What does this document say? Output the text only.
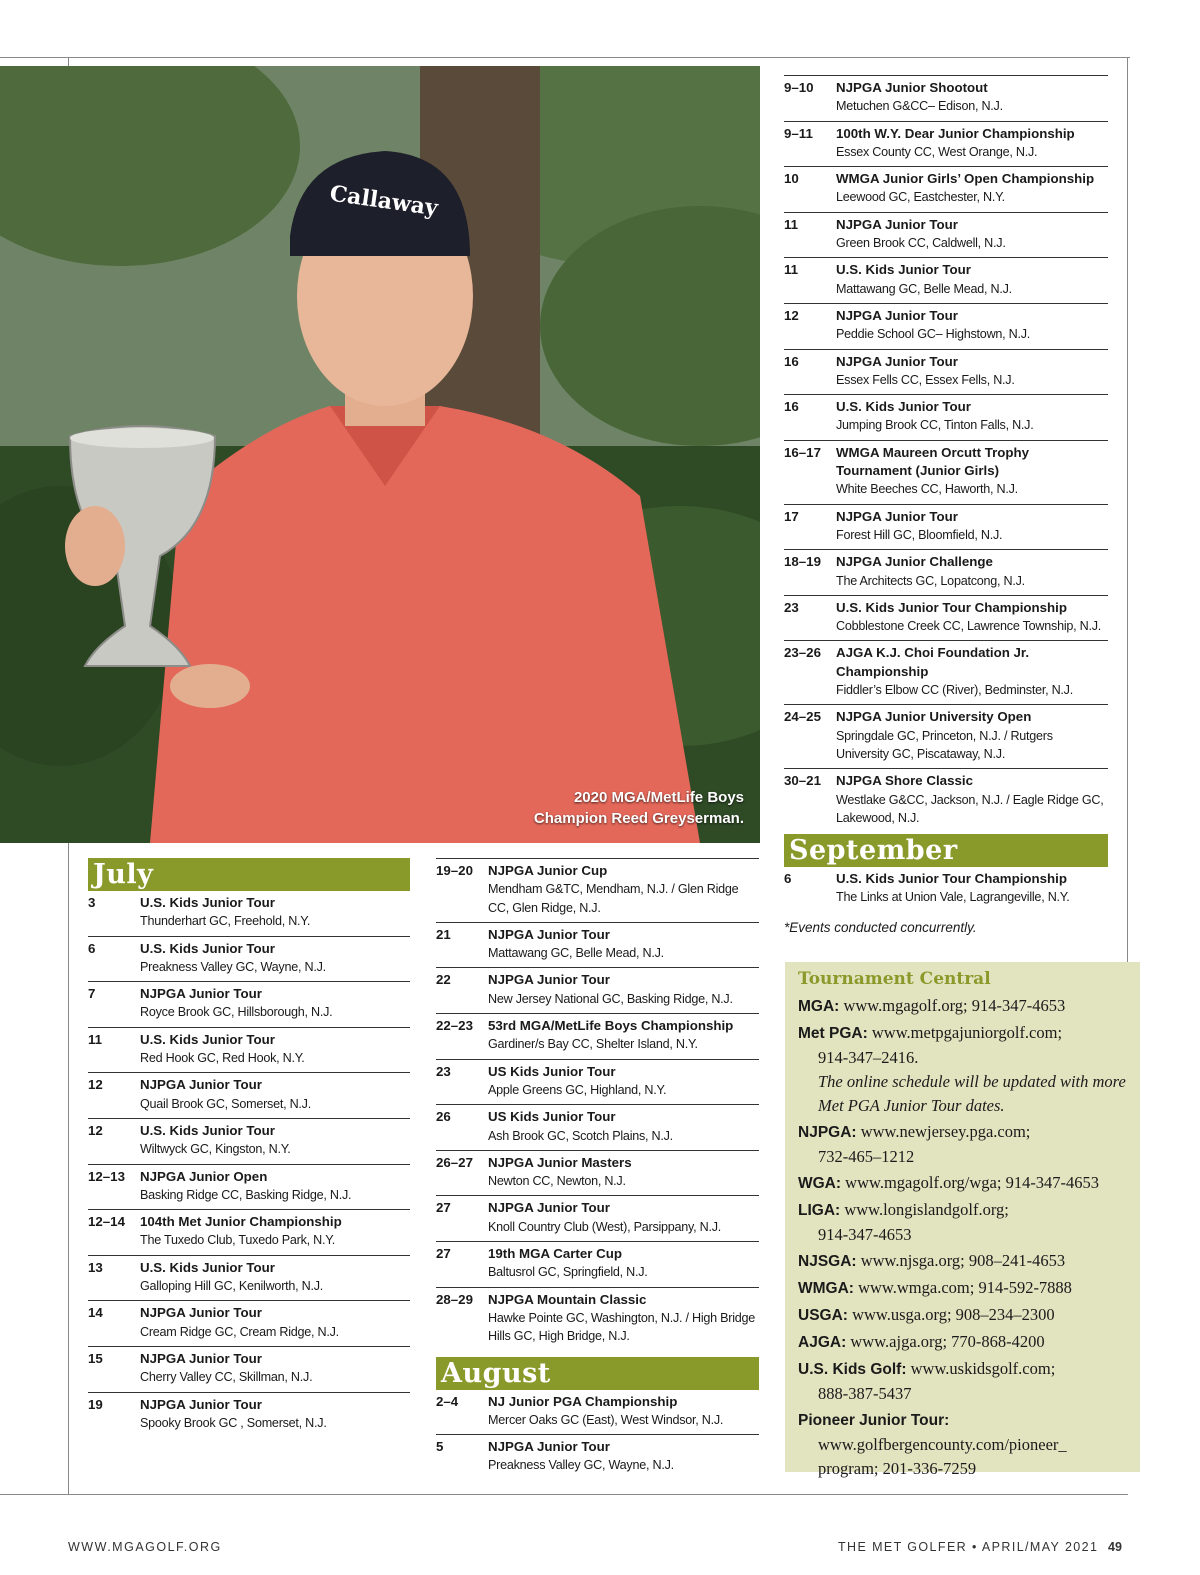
Callaway
2020 MGA/MetLife Boys
Champion Reed Greyserman.
July
3	U.S. Kids Junior Tour
Thunderhart GC, Freehold, N.Y.
6	U.S. Kids Junior Tour
Preakness Valley GC, Wayne, N.J.
7	NJPGA Junior Tour
Royce Brook GC, Hillsborough, N.J.
11	U.S. Kids Junior Tour
Red Hook GC, Red Hook, N.Y.
12	NJPGA Junior Tour
Quail Brook GC, Somerset, N.J.
12	U.S. Kids Junior Tour
Wiltwyck GC, Kingston, N.Y.
12–13	NJPGA Junior Open
Basking Ridge CC, Basking Ridge, N.J.
12–14	104th Met Junior Championship
The Tuxedo Club, Tuxedo Park, N.Y.
13	U.S. Kids Junior Tour
Galloping Hill GC, Kenilworth, N.J.
14	NJPGA Junior Tour
Cream Ridge GC, Cream Ridge, N.J.
15	NJPGA Junior Tour
Cherry Valley CC, Skillman, N.J.
19	NJPGA Junior Tour
Spooky Brook GC , Somerset, N.J.
19–20	NJPGA Junior Cup
Mendham G&TC, Mendham, N.J. / Glen Ridge CC, Glen Ridge, N.J.
21	NJPGA Junior Tour
Mattawang GC, Belle Mead, N.J.
22	NJPGA Junior Tour
New Jersey National GC, Basking Ridge, N.J.
22–23	53rd MGA/MetLife Boys Championship
Gardiner/s Bay CC, Shelter Island, N.Y.
23	US Kids Junior Tour
Apple Greens GC, Highland, N.Y.
26	US Kids Junior Tour
Ash Brook GC, Scotch Plains, N.J.
26–27	NJPGA Junior Masters
Newton CC, Newton, N.J.
27	NJPGA Junior Tour
Knoll Country Club (West), Parsippany, N.J.
27	19th MGA Carter Cup
Baltusrol GC, Springfield, N.J.
28–29	NJPGA Mountain Classic
Hawke Pointe GC, Washington, N.J. / High Bridge Hills GC, High Bridge, N.J.
August
2–4	NJ Junior PGA Championship
Mercer Oaks GC (East), West Windsor, N.J.
5	NJPGA Junior Tour
Preakness Valley GC, Wayne, N.J.
9–10	NJPGA Junior Shootout
Metuchen G&CC– Edison, N.J.
9–11	100th W.Y. Dear Junior Championship
Essex County CC, West Orange, N.J.
10	WMGA Junior Girls’ Open Championship
Leewood GC, Eastchester, N.Y.
11	NJPGA Junior Tour
Green Brook CC, Caldwell, N.J.
11	U.S. Kids Junior Tour
Mattawang GC, Belle Mead, N.J.
12	NJPGA Junior Tour
Peddie School GC– Highstown, N.J.
16	NJPGA Junior Tour
Essex Fells CC, Essex Fells, N.J.
16	U.S. Kids Junior Tour
Jumping Brook CC, Tinton Falls, N.J.
16–17	WMGA Maureen Orcutt Trophy Tournament (Junior Girls)
White Beeches CC, Haworth, N.J.
17	NJPGA Junior Tour
Forest Hill GC, Bloomfield, N.J.
18–19	NJPGA Junior Challenge
The Architects GC, Lopatcong, N.J.
23	U.S. Kids Junior Tour Championship
Cobblestone Creek CC, Lawrence Township, N.J.
23–26	AJGA K.J. Choi Foundation Jr. Championship
Fiddler’s Elbow CC (River), Bedminster, N.J.
24–25	NJPGA Junior University Open
Springdale GC, Princeton, N.J. / Rutgers University GC, Piscataway, N.J.
30–21	NJPGA Shore Classic
Westlake G&CC, Jackson, N.J. / Eagle Ridge GC, Lakewood, N.J.
September
6	U.S. Kids Junior Tour Championship
The Links at Union Vale, Lagrangeville, N.Y.
*Events conducted concurrently.
Tournament Central
MGA: www.mgagolf.org; 914-347-4653
Met PGA: www.metpgajuniorgolf.com;
914-347–2416.
The online schedule will be updated with more Met PGA Junior Tour dates.
NJPGA: www.newjersey.pga.com;
732-465–1212
WGA: www.mgagolf.org/wga; 914-347-4653
LIGA: www.longislandgolf.org;
914-347-4653
NJSGA: www.njsga.org; 908–241-4653
WMGA: www.wmga.com; 914-592-7888
USGA: www.usga.org; 908–234–2300
AJGA: www.ajga.org; 770-868-4200
U.S. Kids Golf: www.uskidsgolf.com;
888-387-5437
Pioneer Junior Tour:
www.golfbergencounty.com/pioneer_
program; 201-336-7259
WWW.MGAGOLF.ORG	THE MET GOLFER • APRIL/MAY 2021 49
